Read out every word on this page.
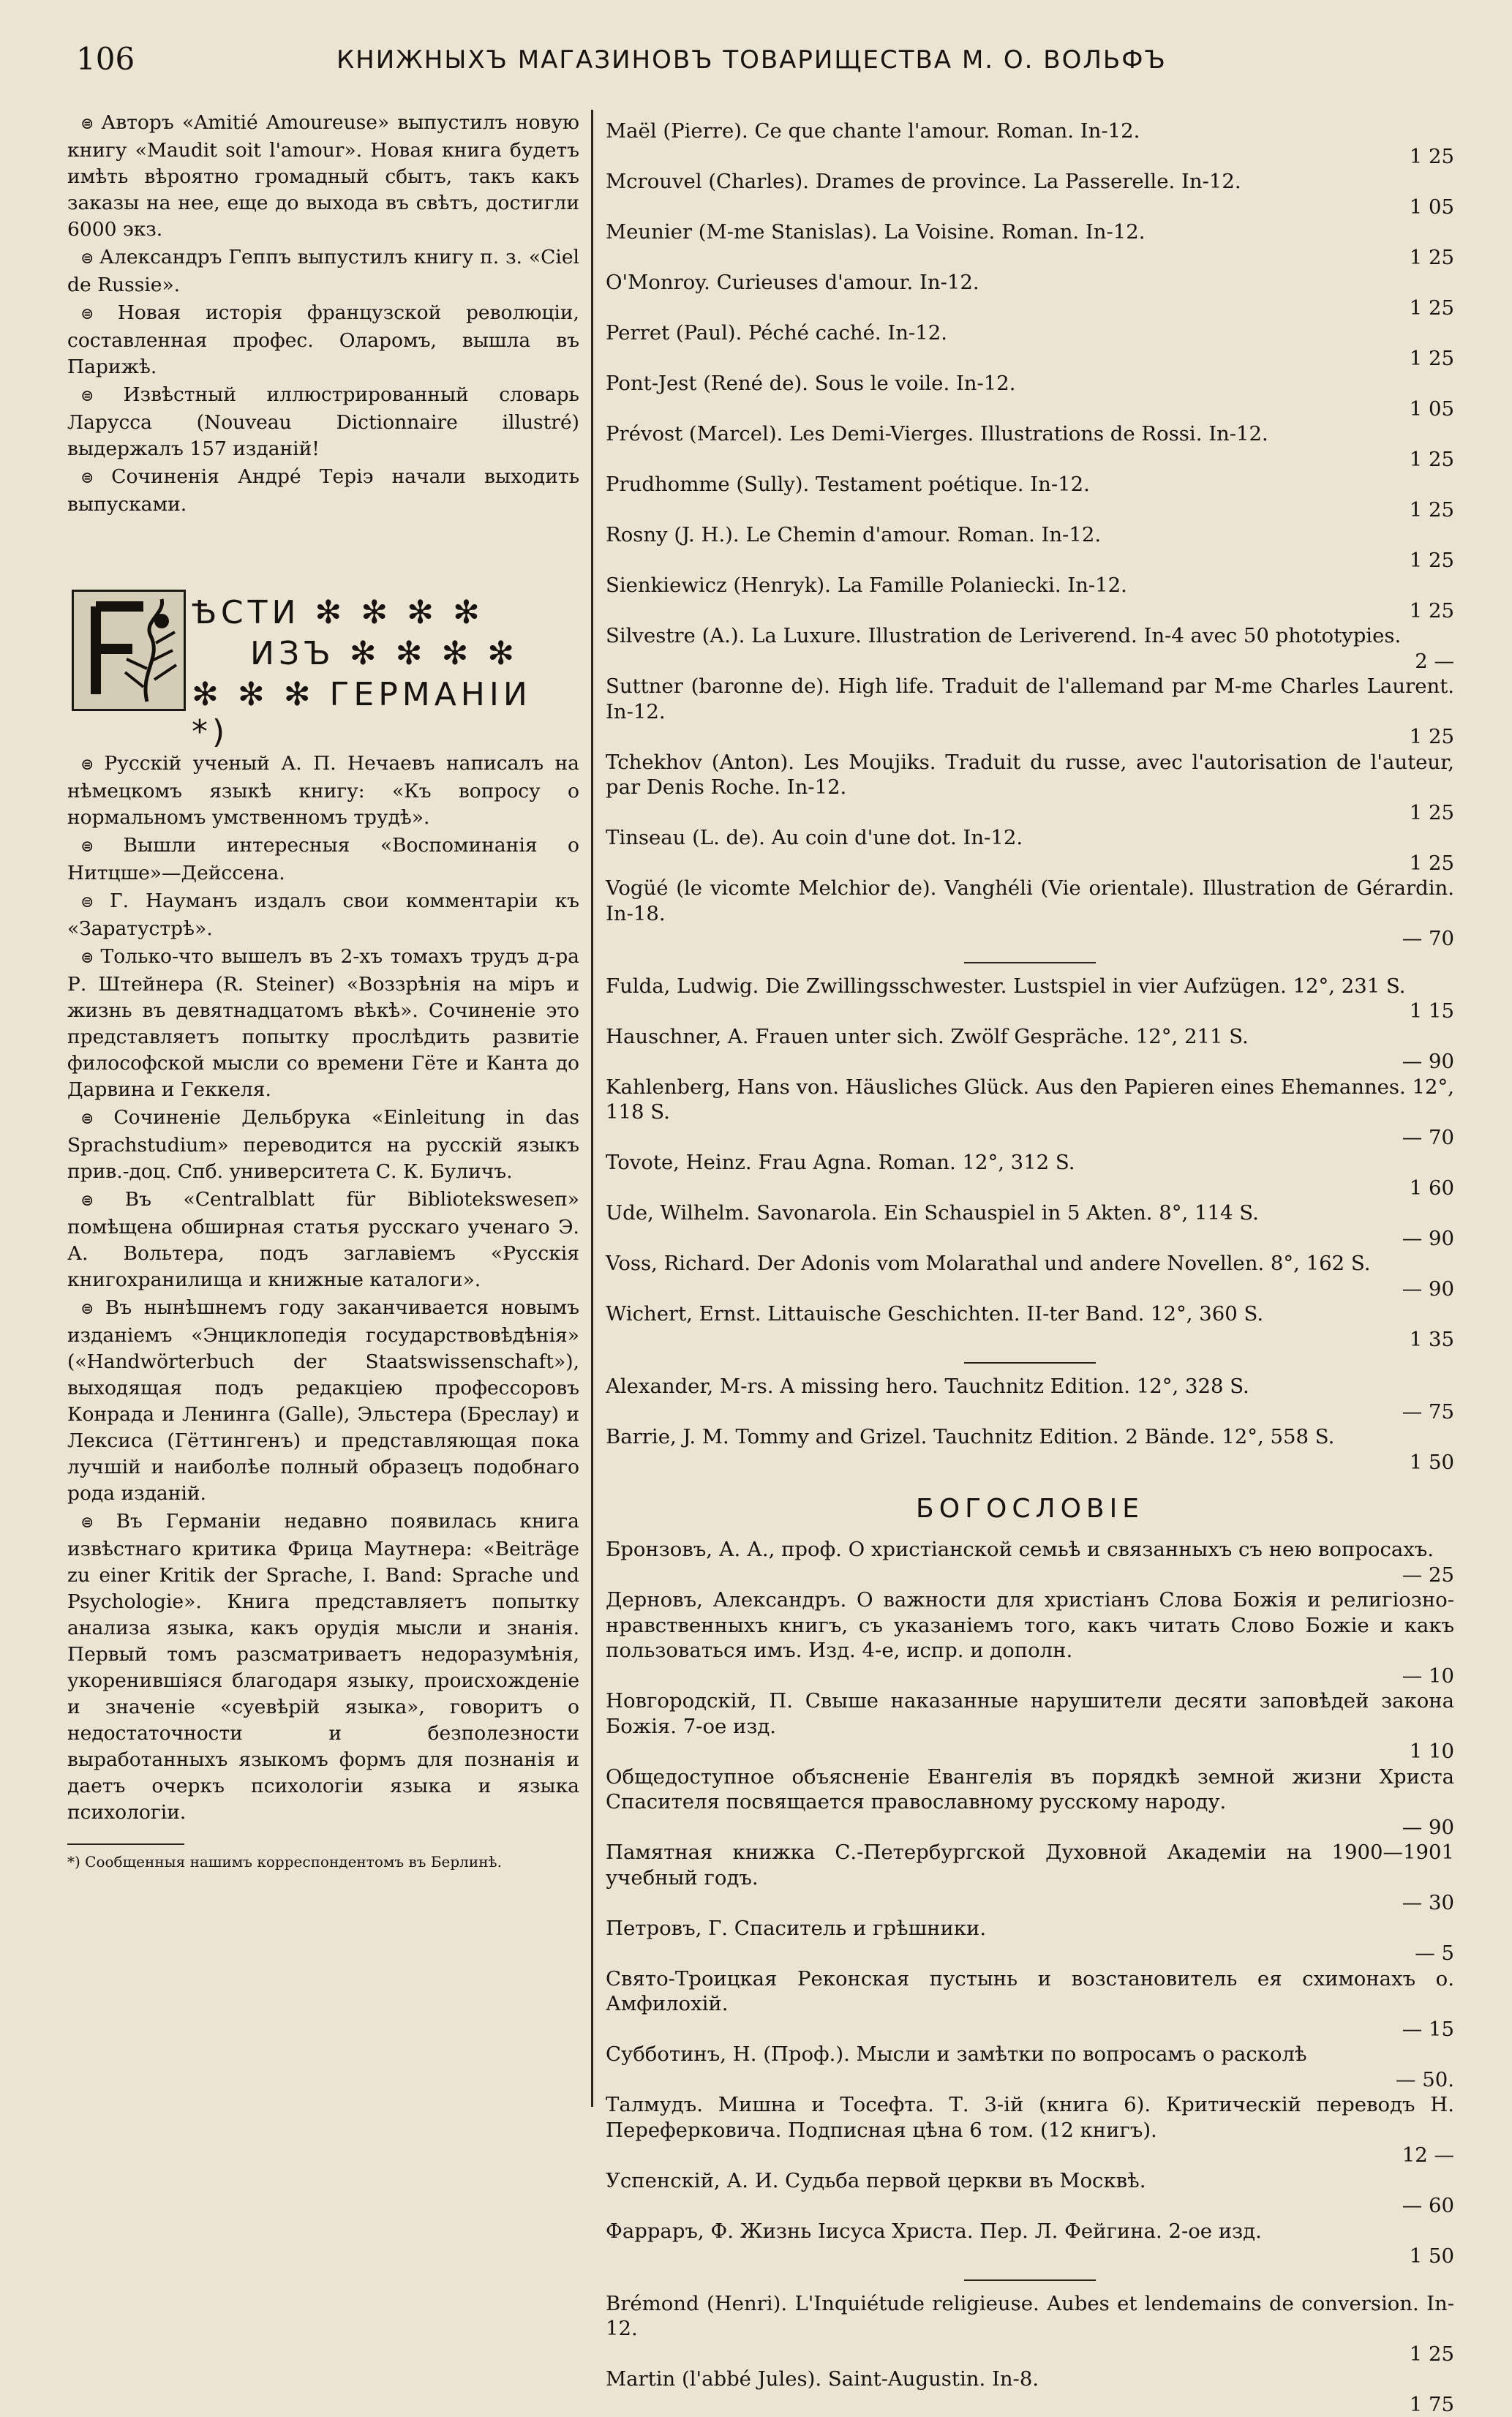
106	КНИЖНЫХЪ МАГАЗИНОВЪ ТОВАРИЩЕСТВА М. О. ВОЛЬФЪ

⊜ Авторъ «Amitié Amoureuse» выпустилъ новую книгу «Maudit soit l'amour». Новая книга будетъ имѣть вѣроятно громадный сбытъ, такъ какъ заказы на нее, еще до выхода въ свѣтъ, достигли 6000 экз.

⊜ Александръ Геппъ выпустилъ книгу п. з. «Ciel de Russie».

⊜ Новая исторія французской революціи, составленная профес. Оларомъ, вышла въ Парижѣ.

⊜ Извѣстный иллюстрированный словарь Ларусса (Nouveau Dictionnaire illustré) выдержалъ 157 изданій!

⊜ Сочиненія Андрé Теріэ начали выходить выпусками.

ѢСТИ ✻ ✻ ✻ ✻
ИЗЪ ✻ ✻ ✻ ✻
✻ ✻ ✻ ГЕРМАНІИ *)

⊜ Русскій ученый А. П. Нечаевъ написалъ на нѣмецкомъ языкѣ книгу: «Къ вопросу о нормальномъ умственномъ трудѣ».

⊜ Вышли интересныя «Воспоминанія о Нитцше»—Дейссена.

⊜ Г. Науманъ издалъ свои комментаріи къ «Заратустрѣ».

⊜ Только-что вышелъ въ 2-хъ томахъ трудъ д-ра Р. Штейнера (R. Steiner) «Воззрѣнія на міръ и жизнь въ девятнадцатомъ вѣкѣ». Сочиненіе это представляетъ попытку прослѣдить развитіе философской мысли со времени Гёте и Канта до Дарвина и Геккеля.

⊜ Сочиненіе Дельбрука «Einleitung in das Sprachstudium» переводится на русскій языкъ прив.-доц. Спб. университета С. К. Буличъ.

⊜ Въ «Centralblatt für Biblioteksweseп» помѣщена обширная статья русскаго ученаго Э. А. Вольтера, подъ заглавіемъ «Русскія книгохранилища и книжные каталоги».

⊜ Въ нынѣшнемъ году заканчивается новымъ изданіемъ «Энциклопедія государствовѣдѣнія» («Handwörterbuch der Staatswissenschaft»), выходящая подъ редакціею профессоровъ Конрада и Ленинга (Galle), Эльстера (Бреслау) и Лексиса (Гёттингенъ) и представляющая пока лучшій и наиболѣе полный образецъ подобнаго рода изданій.

⊜ Въ Германіи недавно появилась книга извѣстнаго критика Фрица Маутнера: «Beiträge zu einer Kritik der Sprache, I. Band: Sprache und Psychologie». Книга представляетъ попытку анализа языка, какъ орудія мысли и знанія. Первый томъ разсматриваетъ недоразумѣнія, укоренившіяся благодаря языку, происхожденіе и значеніе «суевѣрій языка», говоритъ о недостаточности и безполезности выработанныхъ языкомъ формъ для познанія и даетъ очеркъ психологіи языка и языка психологіи.

*) Сообщенныя нашимъ корреспондентомъ въ Берлинѣ.

Maël (Pierre). Ce que chante l'amour. Roman. In-12.

1 25

Mcrouvel (Charles). Drames de province. La Passerelle. In-12.

1 05

Meunier (M-me Stanislas). La Voisine. Roman. In-12.

1 25

O'Monroy. Curieuses d'amour. In-12.

1 25

Perret (Paul). Péché caché. In-12.

1 25

Pont-Jest (René de). Sous le voile. In-12.

1 05

Prévost (Marcel). Les Demi-Vierges. Illustrations de Rossi. In-12.

1 25

Prudhomme (Sully). Testament poétique. In-12.

1 25

Rosny (J. H.). Le Chemin d'amour. Roman. In-12.

1 25

Sienkiewicz (Henryk). La Famille Polaniecki. In-12.

1 25

Silvestre (A.). La Luxure. Illustration de Leriverend. In-4 avec 50 phototypies.

2 —

Suttner (baronne de). High life. Traduit de l'allemand par M-me Charles Laurent. In-12.

1 25

Tchekhov (Anton). Les Moujiks. Traduit du russe, avec l'autorisation de l'auteur, par Denis Roche. In-12.

1 25

Tinseau (L. de). Au coin d'une dot. In-12.

1 25

Vogüé (le vicomte Melchior de). Vanghéli (Vie orientale). Illustration de Gérardin. In-18.

— 70

Fulda, Ludwig. Die Zwillingsschwester. Lustspiel in vier Aufzügen. 12°, 231 S.

1 15

Hauschner, A. Frauen unter sich. Zwölf Gespräche. 12°, 211 S.

— 90

Kahlenberg, Hans von. Häusliches Glück. Aus den Papieren eines Ehemannes. 12°, 118 S.

— 70

Tovote, Heinz. Frau Agna. Roman. 12°, 312 S.

1 60

Ude, Wilhelm. Savonarola. Ein Schauspiel in 5 Akten. 8°, 114 S.

— 90

Voss, Richard. Der Adonis vom Molarathal und andere Novellen. 8°, 162 S.

— 90

Wichert, Ernst. Littauische Geschichten. II-ter Band. 12°, 360 S.

1 35

Alexander, M-rs. A missing hero. Tauchnitz Edition. 12°, 328 S.

— 75

Barrie, J. M. Tommy and Grizel. Tauchnitz Edition. 2 Bände. 12°, 558 S.

1 50

БОГОСЛОВІЕ

Бронзовъ, А. А., проф. О христіанской семьѣ и связанныхъ съ нею вопросахъ.

— 25

Дерновъ, Александръ. О важности для христіанъ Слова Божія и религіозно-нравственныхъ книгъ, съ указаніемъ того, какъ читать Слово Божіе и какъ пользоваться имъ. Изд. 4-е, испр. и дополн.

— 10

Новгородскій, П. Свыше наказанные нарушители десяти заповѣдей закона Божія. 7-ое изд.

1 10

Общедоступное объясненіе Евангелія въ порядкѣ земной жизни Христа Спасителя посвящается православному русскому народу.

— 90

Памятная книжка С.-Петербургской Духовной Академіи на 1900—1901 учебный годъ.

— 30

Петровъ, Г. Спаситель и грѣшники.

— 5

Свято-Троицкая Реконская пустынь и возстановитель ея схимонахъ о. Амфилохій.

— 15

Субботинъ, Н. (Проф.). Мысли и замѣтки по вопросамъ о расколѣ

— 50.

Талмудъ. Мишна и Тосефта. Т. 3-ій (книга 6). Критическій переводъ Н. Переферковича. Подписная цѣна 6 том. (12 книгъ).

12 —

Успенскій, А. И. Судьба первой церкви въ Москвѣ.

— 60

Фарраръ, Ф. Жизнь Іисуса Христа. Пер. Л. Фейгина. 2-ое изд.

1 50

Brémond (Henri). L'Inquiétude religieuse. Aubes et lendemains de conversion. In-12.

1 25

Martin (l'abbé Jules). Saint-Augustin. In-8.

1 75
